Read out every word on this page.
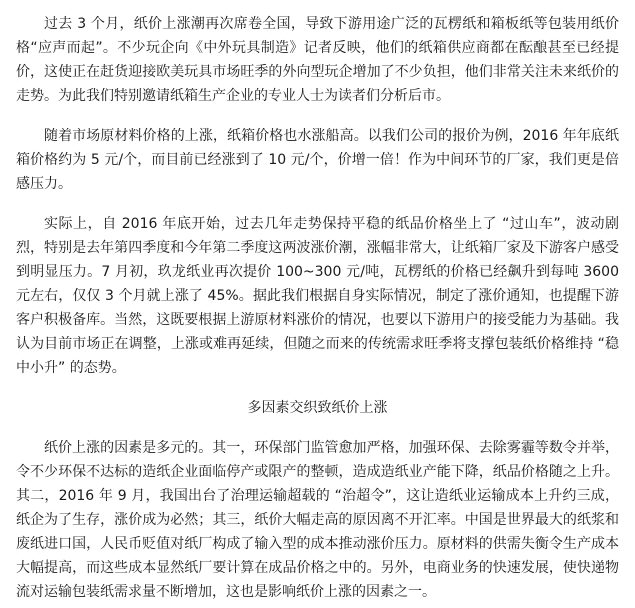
过去 3 个月，纸价上涨潮再次席卷全国，导致下游用途广泛的瓦楞纸和箱板纸等包装用纸价格“应声而起”。不少玩企向《中外玩具制造》记者反映，他们的纸箱供应商都在酝酿甚至已经提价，这使正在赶货迎接欧美玩具市场旺季的外向型玩企增加了不少负担，他们非常关注未来纸价的走势。为此我们特别邀请纸箱生产企业的专业人士为读者们分析后市。

随着市场原材料价格的上涨，纸箱价格也水涨船高。以我们公司的报价为例，2016 年年底纸箱价格约为 5 元/个，而目前已经涨到了 10 元/个，价增一倍！作为中间环节的厂家，我们更是倍感压力。

实际上，自 2016 年底开始，过去几年走势保持平稳的纸品价格坐上了 “过山车”，波动剧烈，特别是去年第四季度和今年第二季度这两波涨价潮，涨幅非常大，让纸箱厂家及下游客户感受到明显压力。7 月初，玖龙纸业再次提价 100~300 元/吨，瓦楞纸的价格已经飙升到每吨 3600 元左右，仅仅 3 个月就上涨了 45%。据此我们根据自身实际情况，制定了涨价通知，也提醒下游客户积极备库。当然，这既要根据上游原材料涨价的情况，也要以下游用户的接受能力为基础。我认为目前市场正在调整，上涨或难再延续，但随之而来的传统需求旺季将支撑包装纸价格维持 “稳中小升” 的态势。

多因素交织致纸价上涨

纸价上涨的因素是多元的。其一，环保部门监管愈加严格，加强环保、去除雾霾等数令并举，令不少环保不达标的造纸企业面临停产或限产的整顿，造成造纸业产能下降，纸品价格随之上升。其二，2016 年 9 月，我国出台了治理运输超载的 “治超令”，这让造纸业运输成本上升约三成，纸企为了生存，涨价成为必然；其三，纸价大幅走高的原因离不开汇率。中国是世界最大的纸浆和废纸进口国，人民币贬值对纸厂构成了输入型的成本推动涨价压力。原材料的供需失衡令生产成本大幅提高，而这些成本显然纸厂要计算在成品价格之中的。另外，电商业务的快速发展，使快递物流对运输包装纸需求量不断增加，这也是影响纸价上涨的因素之一。
